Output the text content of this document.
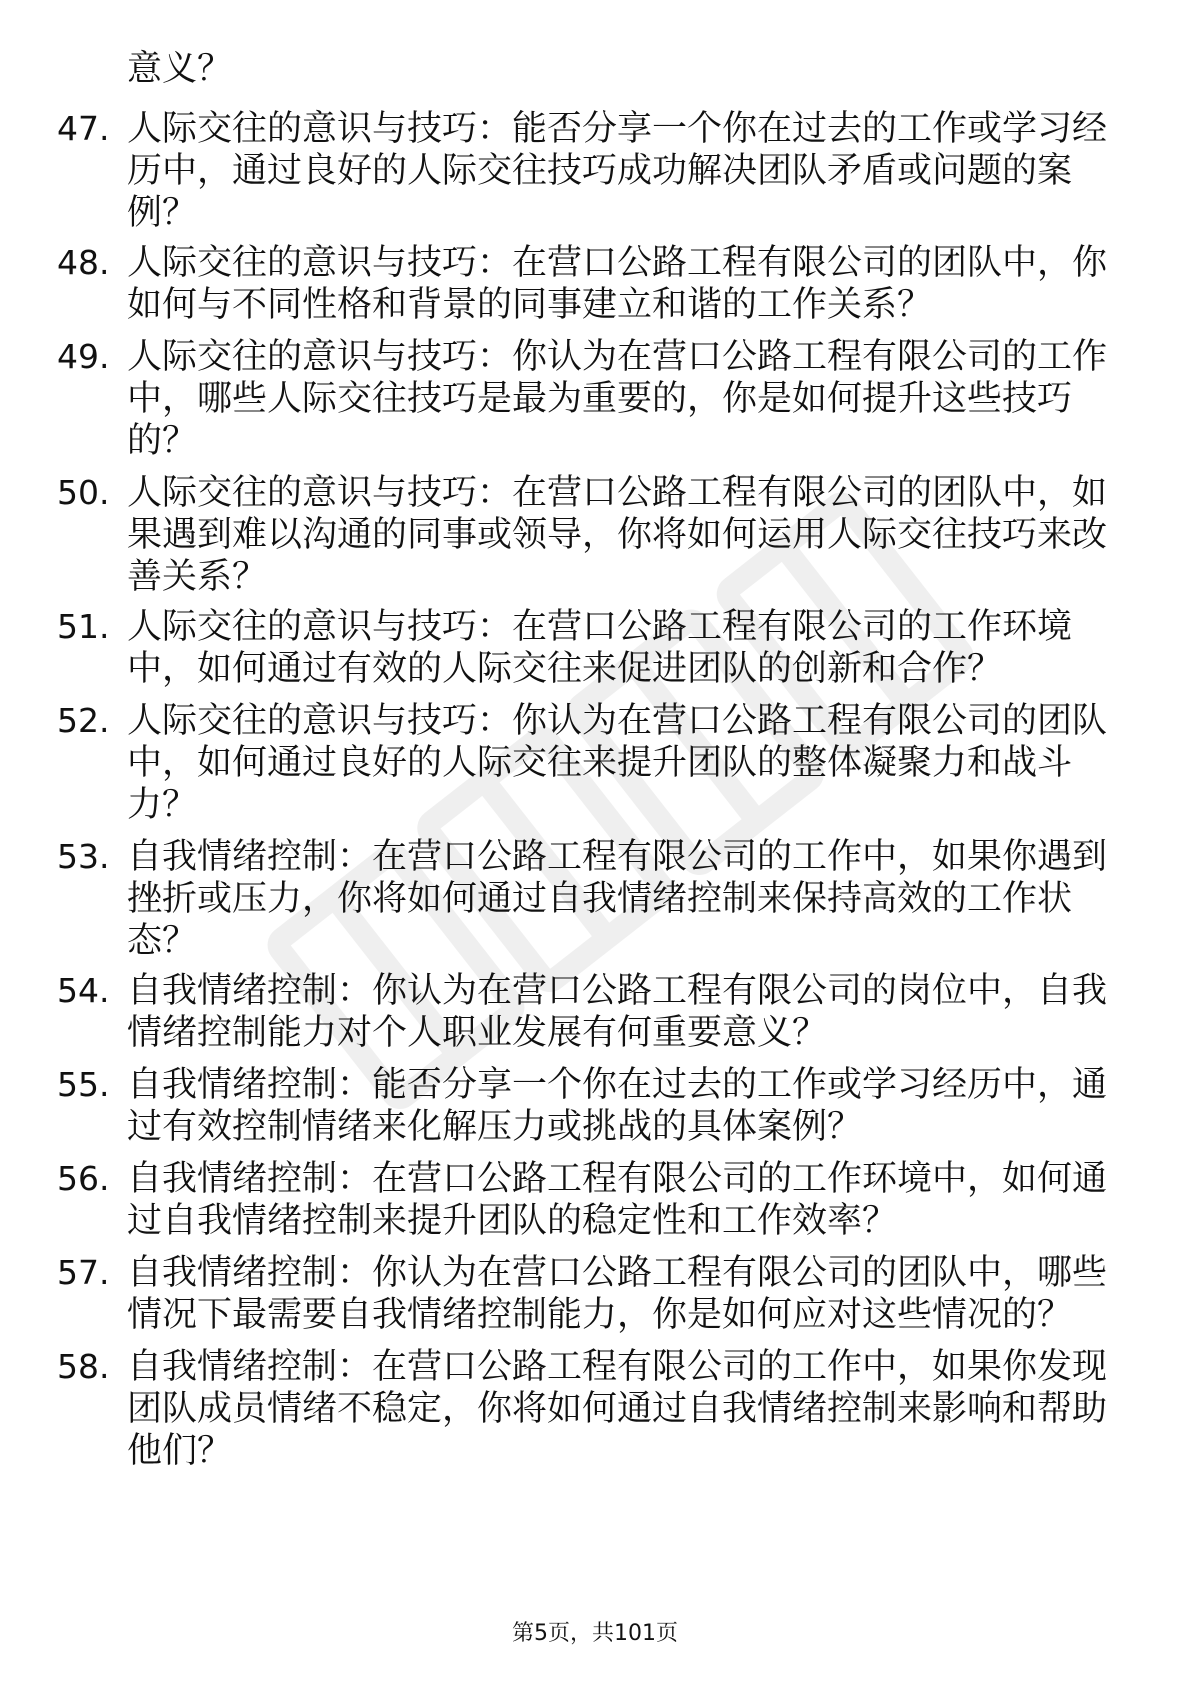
意义？

47. 人际交往的意识与技巧：能否分享一个你在过去的工作或学习经
历中，通过良好的人际交往技巧成功解决团队矛盾或问题的案
例？
48. 人际交往的意识与技巧：在营口公路工程有限公司的团队中，你
如何与不同性格和背景的同事建立和谐的工作关系？
49. 人际交往的意识与技巧：你认为在营口公路工程有限公司的工作
中，哪些人际交往技巧是最为重要的，你是如何提升这些技巧
的？
50. 人际交往的意识与技巧：在营口公路工程有限公司的团队中，如
果遇到难以沟通的同事或领导，你将如何运用人际交往技巧来改
善关系？
51. 人际交往的意识与技巧：在营口公路工程有限公司的工作环境
中，如何通过有效的人际交往来促进团队的创新和合作？
52. 人际交往的意识与技巧：你认为在营口公路工程有限公司的团队
中，如何通过良好的人际交往来提升团队的整体凝聚力和战斗
力？
53. 自我情绪控制：在营口公路工程有限公司的工作中，如果你遇到
挫折或压力，你将如何通过自我情绪控制来保持高效的工作状
态？
54. 自我情绪控制：你认为在营口公路工程有限公司的岗位中，自我
情绪控制能力对个人职业发展有何重要意义？
55. 自我情绪控制：能否分享一个你在过去的工作或学习经历中，通
过有效控制情绪来化解压力或挑战的具体案例？
56. 自我情绪控制：在营口公路工程有限公司的工作环境中，如何通
过自我情绪控制来提升团队的稳定性和工作效率？
57. 自我情绪控制：你认为在营口公路工程有限公司的团队中，哪些
情况下最需要自我情绪控制能力，你是如何应对这些情况的？
58. 自我情绪控制：在营口公路工程有限公司的工作中，如果你发现
团队成员情绪不稳定，你将如何通过自我情绪控制来影响和帮助
他们？
第5页，共101页
